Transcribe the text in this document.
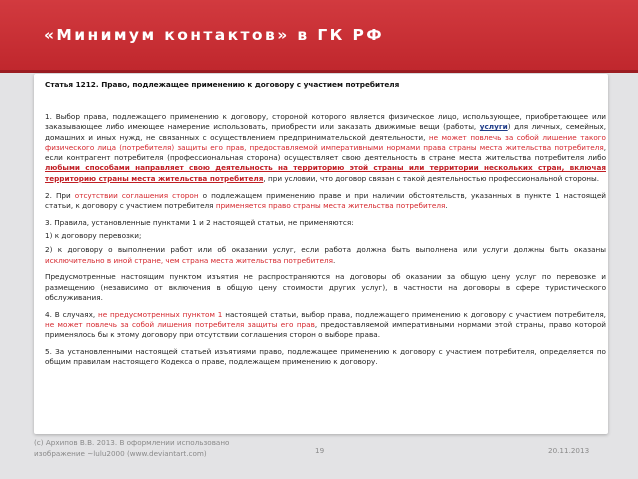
«Минимум контактов» в ГК РФ
Статья 1212. Право, подлежащее применению к договору с участием потребителя

1. Выбор права, подлежащего применению к договору, стороной которого является физическое лицо, использующее, приобретающее или заказывающее либо имеющее намерение использовать, приобрести или заказать движимые вещи (работы, услуги) для личных, семейных, домашних и иных нужд, не связанных с осуществлением предпринимательской деятельности, не может повлечь за собой лишение такого физического лица (потребителя) защиты его прав, предоставляемой императивными нормами права страны места жительства потребителя, если контрагент потребителя (профессиональная сторона) осуществляет свою деятельность в стране места жительства потребителя либо любыми способами направляет свою деятельность на территорию этой страны или территории нескольких стран, включая территорию страны места жительства потребителя, при условии, что договор связан с такой деятельностью профессиональной стороны.

2. При отсутствии соглашения сторон о подлежащем применению праве и при наличии обстоятельств, указанных в пункте 1 настоящей статьи, к договору с участием потребителя применяется право страны места жительства потребителя.

3. Правила, установленные пунктами 1 и 2 настоящей статьи, не применяются:

1) к договору перевозки;

2) к договору о выполнении работ или об оказании услуг, если работа должна быть выполнена или услуги должны быть оказаны исключительно в иной стране, чем страна места жительства потребителя.

Предусмотренные настоящим пунктом изъятия не распространяются на договоры об оказании за общую цену услуг по перевозке и размещению (независимо от включения в общую цену стоимости других услуг), в частности на договоры в сфере туристического обслуживания.

4. В случаях, не предусмотренных пунктом 1 настоящей статьи, выбор права, подлежащего применению к договору с участием потребителя, не может повлечь за собой лишения потребителя защиты его прав, предоставляемой императивными нормами этой страны, право которой применялось бы к этому договору при отсутствии соглашения сторон о выборе права.

5. За установленными настоящей статьей изъятиями право, подлежащее применению к договору с участием потребителя, определяется по общим правилам настоящего Кодекса о праве, подлежащем применению к договору.

(с) Архипов В.В. 2013. В оформлении использовано
изображение ~lulu2000 (www.deviantart.com)	19	20.11.2013
